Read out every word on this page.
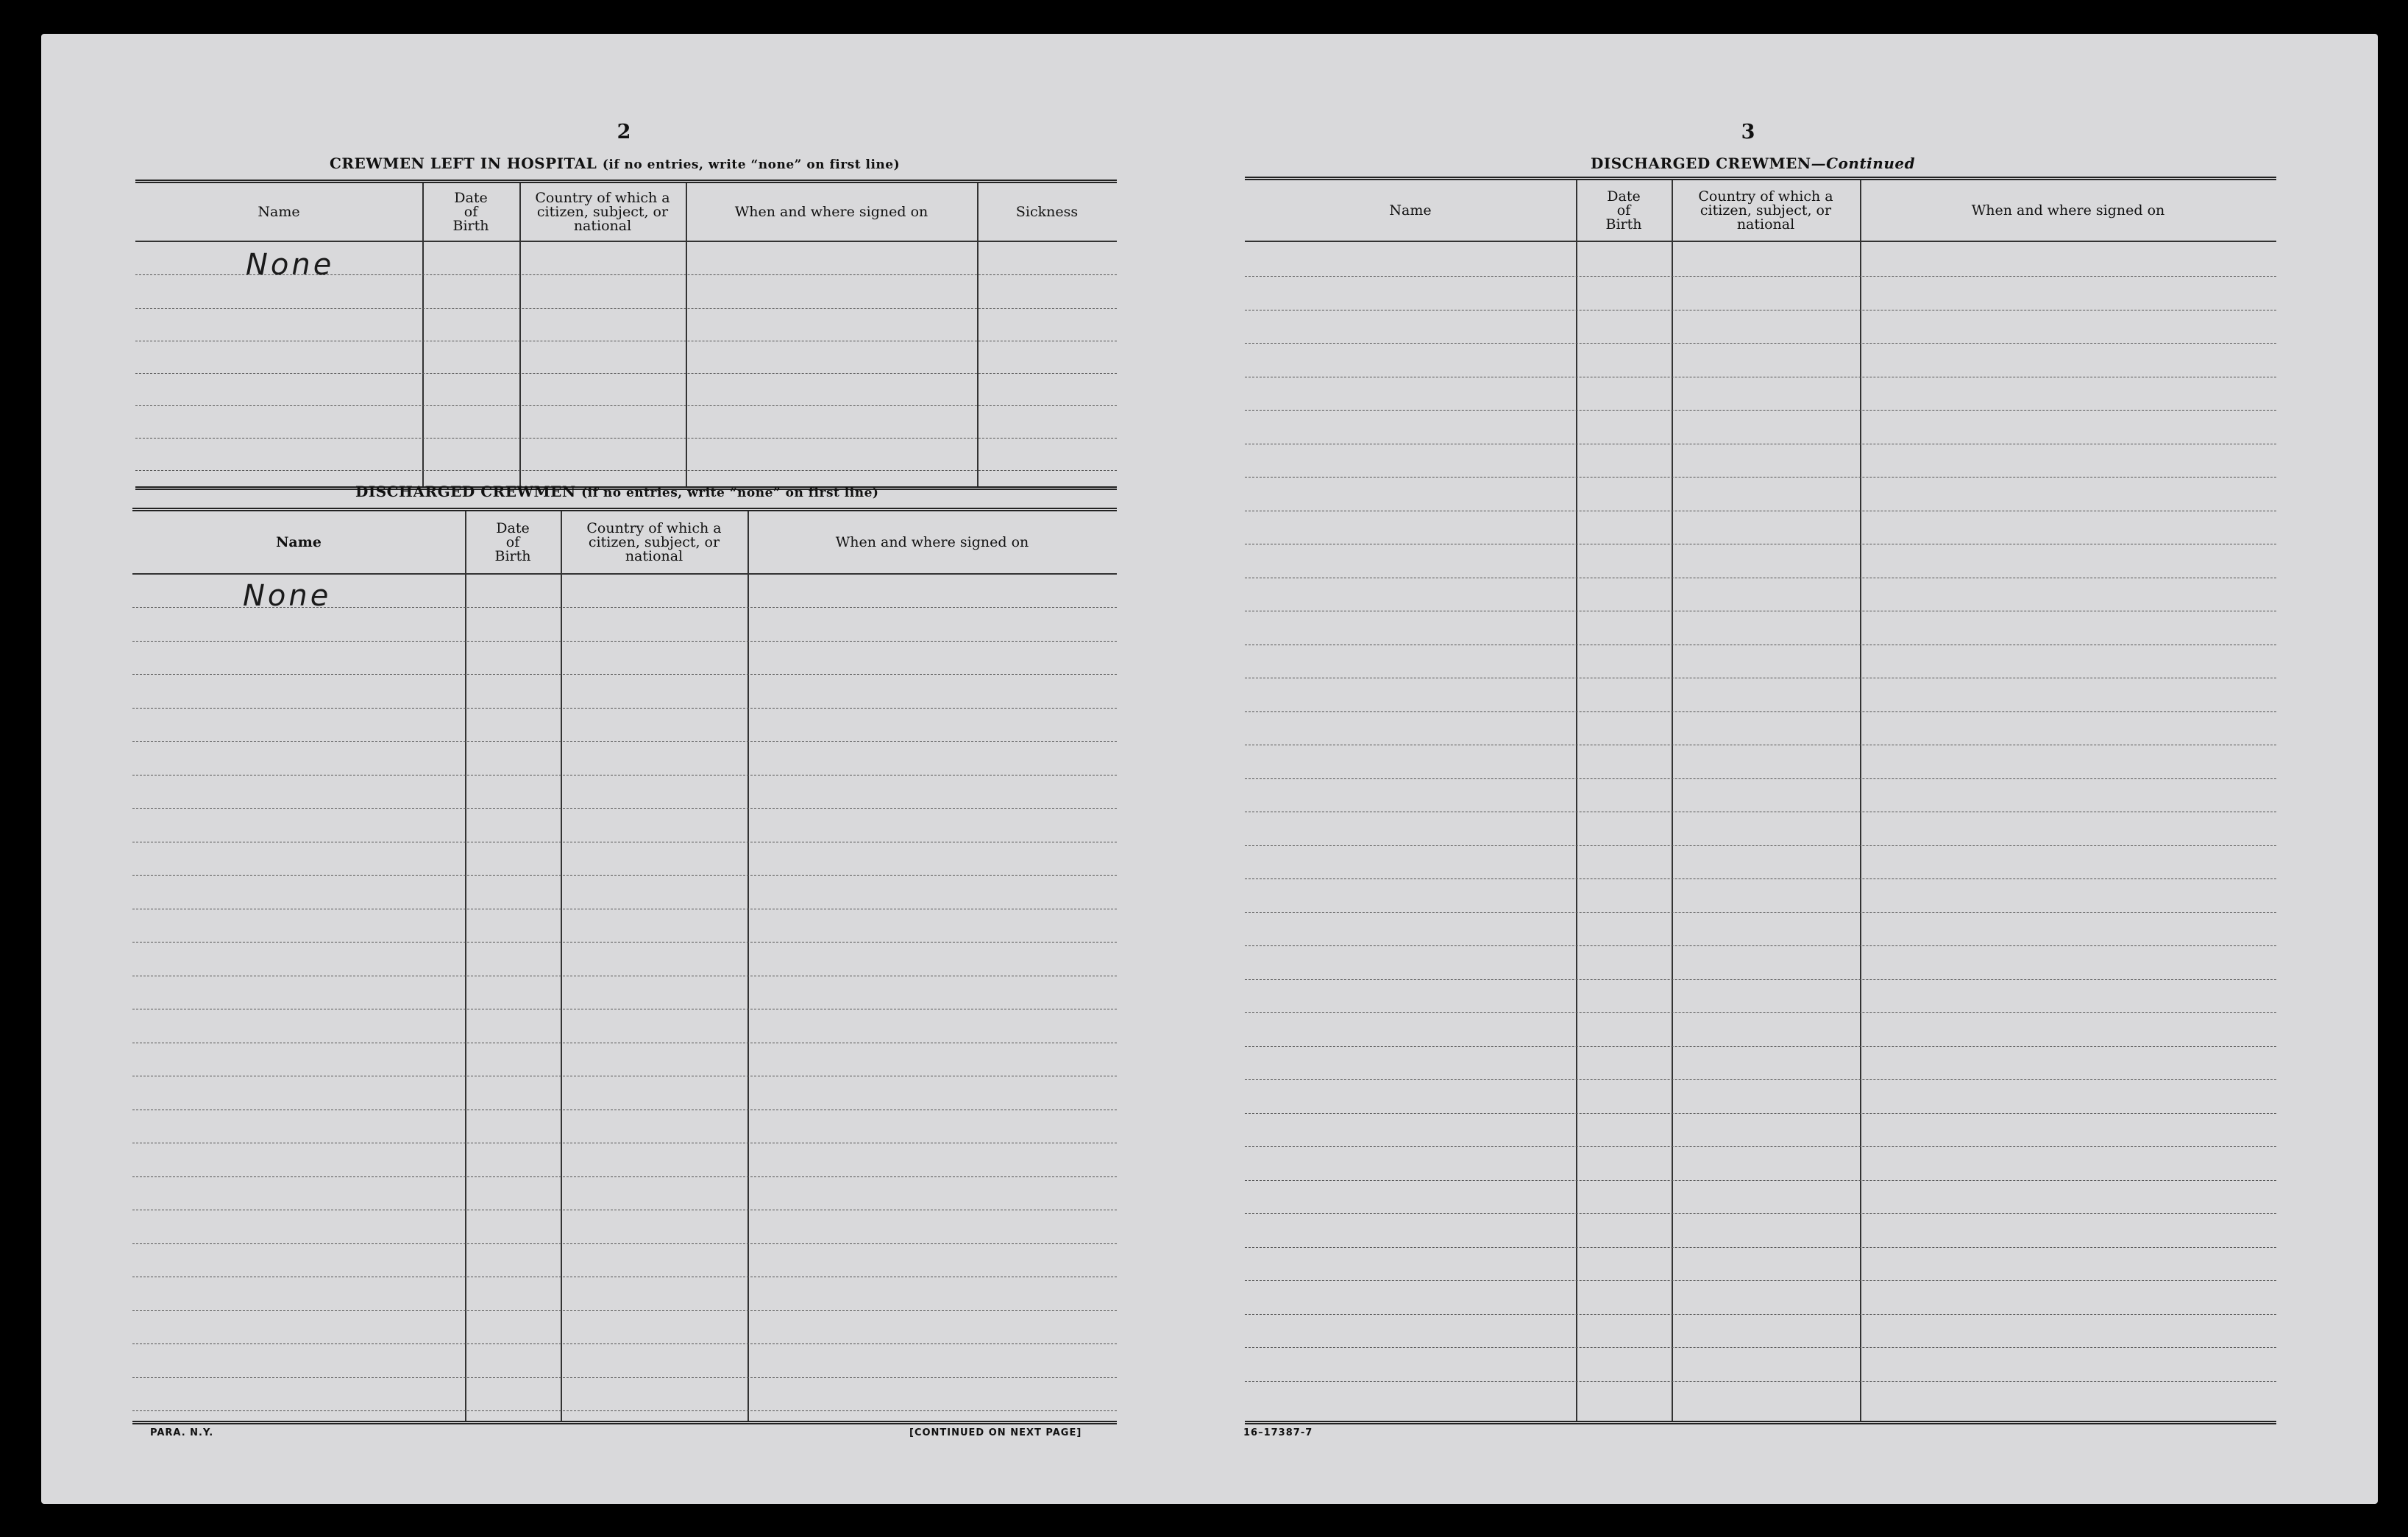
2
CREWMEN LEFT IN HOSPITAL (if no entries, write “none” on first line)
Name
Date
of
Birth
Country of which a
citizen, subject, or
national
When and where signed on	Sickness
None
DISCHARGED CREWMEN (if no entries, write “none” on first line)
Name
Date
of
Birth
Country of which a
citizen, subject, or
national
When and where signed on
None
PARA. N.Y.	[CONTINUED ON NEXT PAGE]
3
DISCHARGED CREWMEN—Continued
Name
Date
of
Birth
Country of which a
citizen, subject, or
national
When and where signed on
16–17387-7
